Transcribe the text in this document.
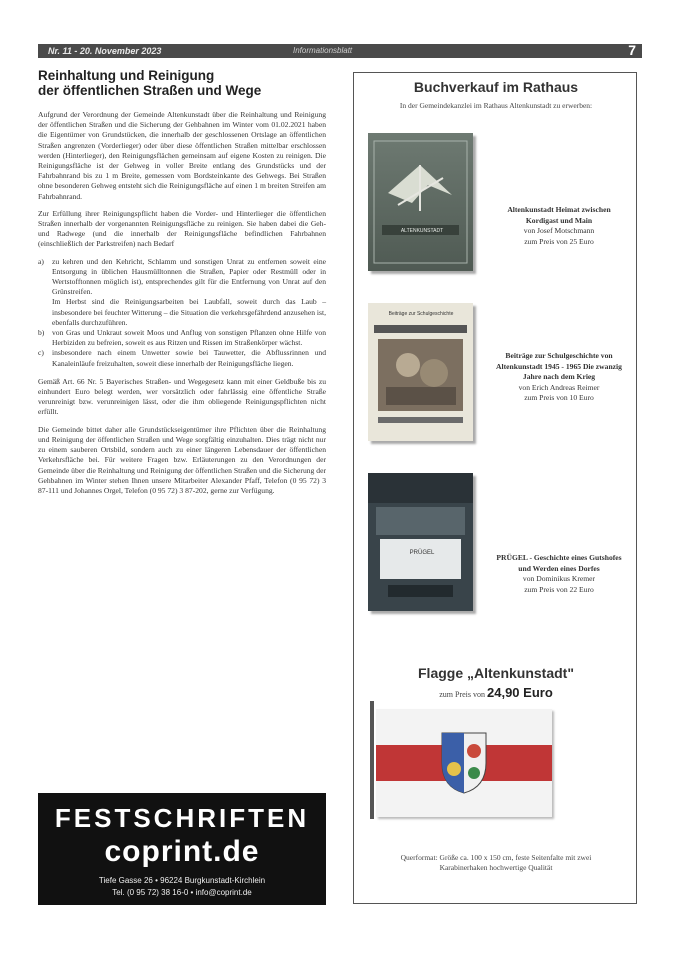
Nr. 11 - 20. November 2023	Informationsblatt	7
Reinhaltung und Reinigung
der öffentlichen Straßen und Wege

Aufgrund der Verordnung der Gemeinde Altenkunstadt über die Reinhaltung und Reinigung der öffentlichen Straßen und die Sicherung der Gehbahnen im Winter vom 01.02.2021 haben die Eigentümer von Grundstücken, die innerhalb der geschlossenen Ortslage an öffentlichen Straßen angrenzen (Vorderlieger) oder über diese öffentlichen Straßen mittelbar erschlossen werden (Hinterlieger), den Reinigungsflächen gemeinsam auf eigene Kosten zu reinigen. Die Reinigungsfläche ist der Gehweg in voller Breite entlang des Grundstücks und der Fahrbahnrand bis zu 1 m Breite, gemessen vom Bordsteinkante des Gehwegs. Bei Straßen ohne besonderen Gehweg entsteht sich die Reinigungsfläche auf einen 1 m breiten Streifen am Fahrbahnrand.

Zur Erfüllung ihrer Reinigungspflicht haben die Vorder- und Hinterlieger die öffentlichen Straßen innerhalb der vorgenannten Reinigungsfläche zu reinigen. Sie haben dabei die Geh- und Radwege (und die innerhalb der Reinigungsfläche befindlichen Fahrbahnen (einschließlich der Parkstreifen) nach Bedarf

a)	zu kehren und den Kehricht, Schlamm und sonstigen Unrat zu entfernen soweit eine Entsorgung in üblichen Hausmülltonnen die Straßen, Papier oder Restmüll oder in Wertstofftonnen möglich ist), entsprechendes gilt für die Entfernung von Unrat auf den Grünstreifen.
Im Herbst sind die Reinigungsarbeiten bei Laubfall, soweit durch das Laub – insbesondere bei feuchter Witterung – die Situation die verkehrsgefährdend anzusehen ist, ebenfalls durchzuführen.
b)	von Gras und Unkraut soweit Moos und Anflug von sonstigen Pflanzen ohne Hilfe von Herbiziden zu befreien, soweit es aus Ritzen und Rissen im Straßenkörper wächst.
c)	insbesondere nach einem Unwetter sowie bei Tauwetter, die Abflussrinnen und Kanaleinläufe freizuhalten, soweit diese innerhalb der Reinigungsfläche liegen.

Gemäß Art. 66 Nr. 5 Bayerisches Straßen- und Wegegesetz kann mit einer Geldbuße bis zu einhundert Euro belegt werden, wer vorsätzlich oder fahrlässig eine öffentliche Straße verunreinigt bzw. verunreinigen lässt, oder die ihm obliegende Reinigungspflichten nicht erfüllt.

Die Gemeinde bittet daher alle Grundstückseigentümer ihre Pflichten über die Reinhaltung und Reinigung der öffentlichen Straßen und Wege sorgfältig einzuhalten. Dies trägt nicht nur zu einem sauberen Ortsbild, sondern auch zu einer längeren Lebensdauer der öffentlichen Verkehrsfläche bei. Für weitere Fragen bzw. Erläuterungen zu den Verordnungen der Gemeinde über die Reinhaltung und Reinigung der öffentlichen Straßen und die Sicherung der Gehbahnen im Winter stehen Ihnen unsere Mitarbeiter Alexander Pfaff, Telefon (0 95 72) 3 87-111 und Johannes Orgel, Telefon (0 95 72) 3 87-202, gerne zur Verfügung.

FESTSCHRIFTEN
coprint.de
Tiefe Gasse 26 • 96224 Burgkunstadt-Kirchlein
Tel. (0 95 72) 38 16-0 • info@coprint.de
Buchverkauf im Rathaus
In der Gemeindekanzlei im Rathaus Altenkunstadt zu erwerben:
ALTENKUNSTADT
Altenkunstadt Heimat zwischen Kordigast und Main
von Josef Motschmann
zum Preis von 25 Euro
Beiträge zur Schulgeschichte
Beiträge zur Schulgeschichte von Altenkunstadt 1945 - 1965 Die zwanzig Jahre nach dem Krieg
von Erich Andreas Reimer
zum Preis von 10 Euro
PRÜGEL	PRÜGEL - Geschichte eines Gutshofes und Werden eines Dorfes
von Dominikus Kremer
zum Preis von 22 Euro
Flagge „Altenkunstadt"
zum Preis von 24,90 Euro
Querformat: Größe ca. 100 x 150 cm, feste Seitenfalte mit zwei Karabinerhaken hochwertige Qualität
